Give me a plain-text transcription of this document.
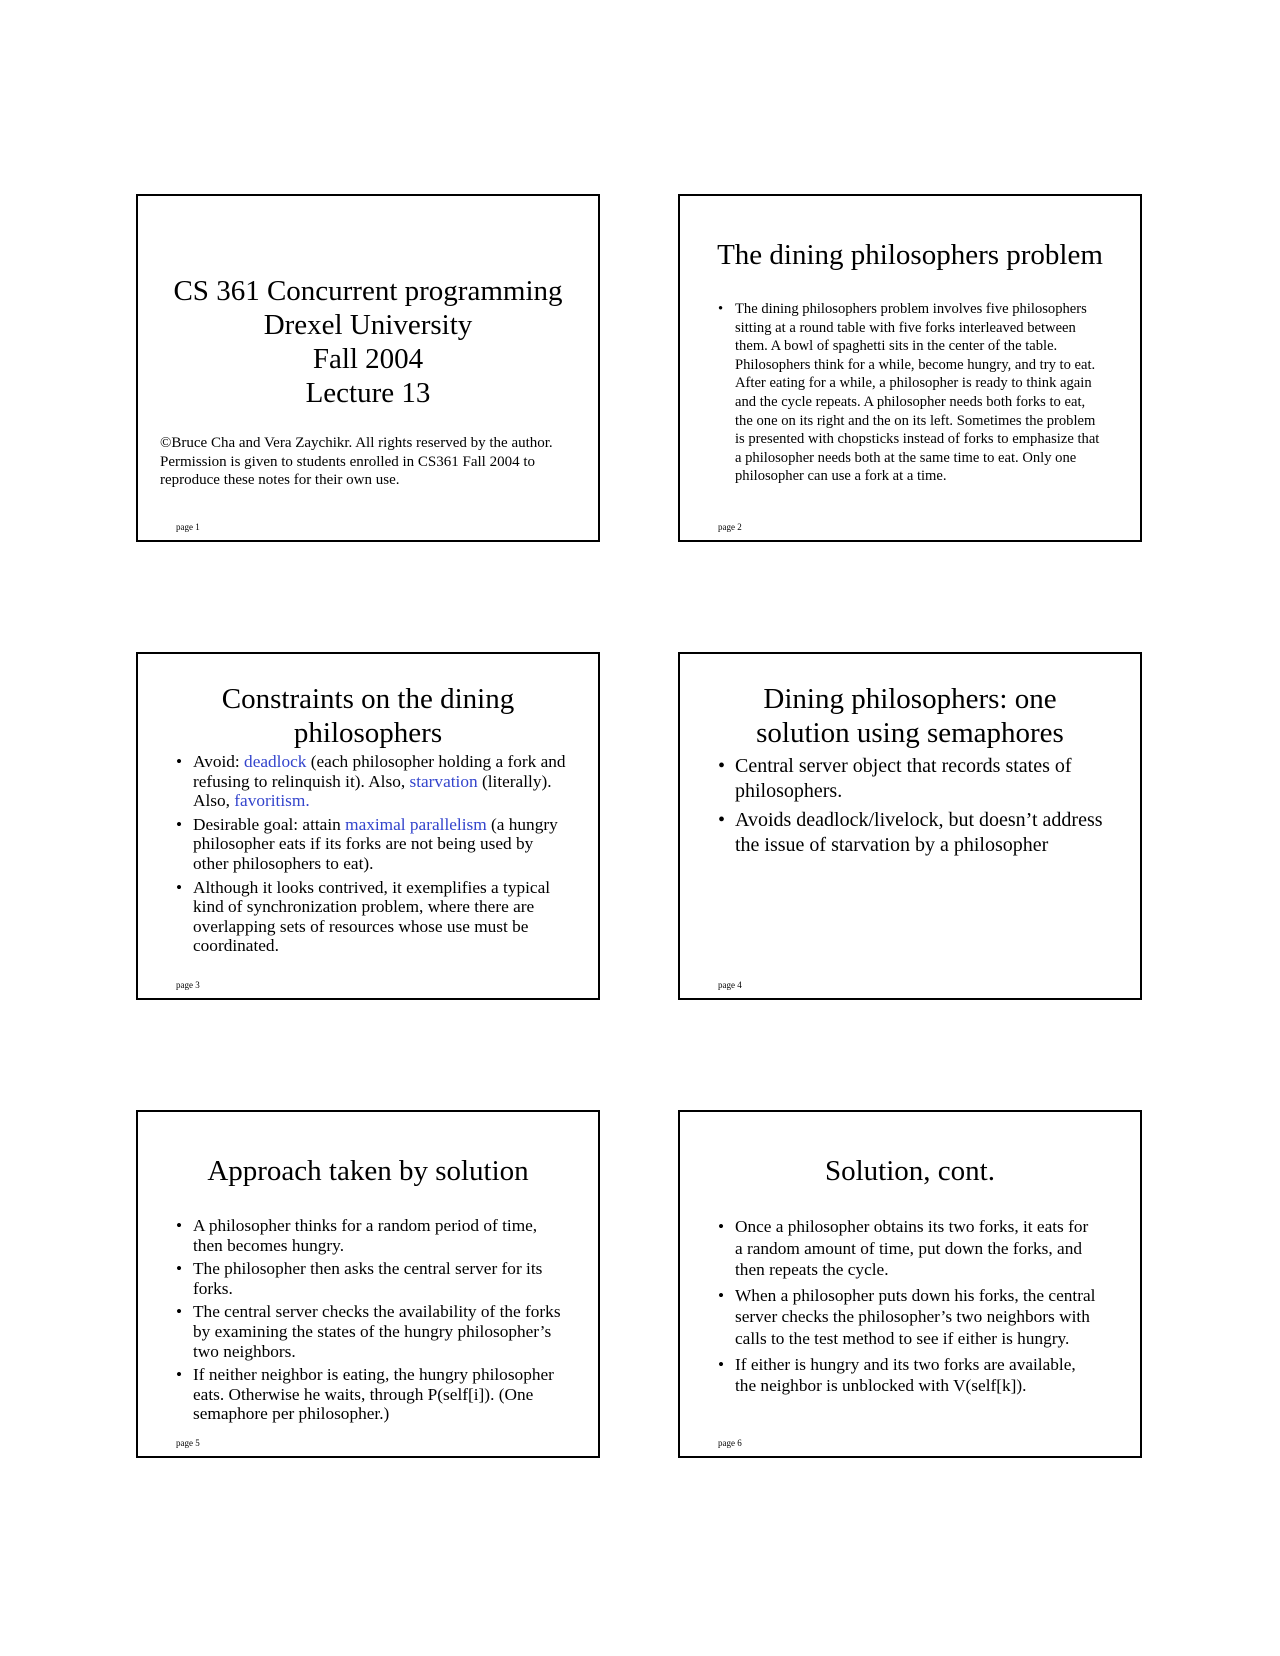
CS 361 Concurrent programming
Drexel University
Fall 2004
Lecture 13
©Bruce Cha and Vera Zaychikr. All rights reserved by the author. Permission is given to students enrolled in CS361 Fall 2004 to reproduce these notes for their own use.
page 1
The dining philosophers problem
• The dining philosophers problem involves five philosophers sitting at a round table with five forks interleaved between them. A bowl of spaghetti sits in the center of the table. Philosophers think for a while, become hungry, and try to eat. After eating for a while, a philosopher is ready to think again and the cycle repeats. A philosopher needs both forks to eat, the one on its right and the on its left. Sometimes the problem is presented with chopsticks instead of forks to emphasize that a philosopher needs both at the same time to eat. Only one philosopher can use a fork at a time.
page 2
Constraints on the dining
philosophers
• Avoid: deadlock (each philosopher holding a fork and refusing to relinquish it). Also, starvation (literally). Also, favoritism.
• Desirable goal: attain maximal parallelism (a hungry philosopher eats if its forks are not being used by other philosophers to eat).
• Although it looks contrived, it exemplifies a typical kind of synchronization problem, where there are overlapping sets of resources whose use must be coordinated.
page 3
Dining philosophers: one
solution using semaphores
• Central server object that records states of philosophers.
• Avoids deadlock/livelock, but doesn’t address the issue of starvation by a philosopher
page 4
Approach taken by solution
• A philosopher thinks for a random period of time, then becomes hungry.
• The philosopher then asks the central server for its forks.
• The central server checks the availability of the forks by examining the states of the hungry philosopher’s two neighbors.
• If neither neighbor is eating, the hungry philosopher eats. Otherwise he waits, through P(self[i]). (One semaphore per philosopher.)
page 5
Solution, cont.
• Once a philosopher obtains its two forks, it eats for a random amount of time, put down the forks, and then repeats the cycle.
• When a philosopher puts down his forks, the central server checks the philosopher’s two neighbors with calls to the test method to see if either is hungry.
• If either is hungry and its two forks are available, the neighbor is unblocked with V(self[k]).
page 6
